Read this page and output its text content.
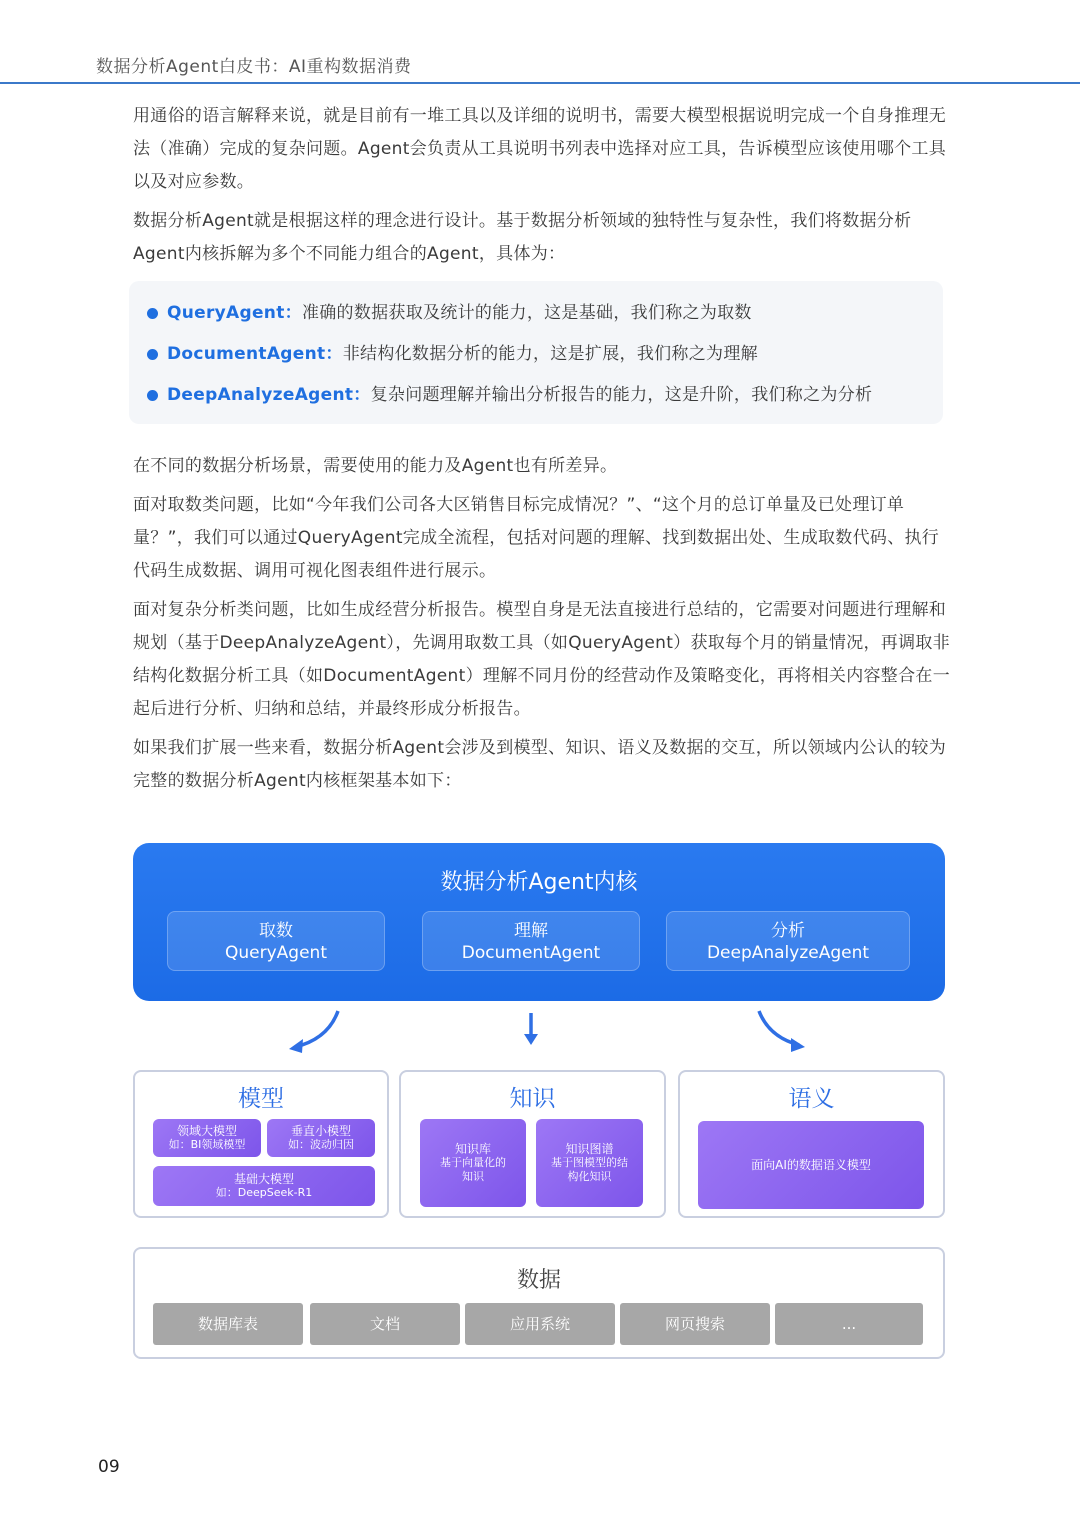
数据分析Agent白皮书：AI重构数据消费

用通俗的语言解释来说，就是目前有一堆工具以及详细的说明书，需要大模型根据说明完成一个自身推理无法（准确）完成的复杂问题。Agent会负责从工具说明书列表中选择对应工具，告诉模型应该使用哪个工具以及对应参数。

数据分析Agent就是根据这样的理念进行设计。基于数据分析领域的独特性与复杂性，我们将数据分析Agent内核拆解为多个不同能力组合的Agent，具体为：

QueryAgent：准确的数据获取及统计的能力，这是基础，我们称之为取数
DocumentAgent：非结构化数据分析的能力，这是扩展，我们称之为理解
DeepAnalyzeAgent：复杂问题理解并输出分析报告的能力，这是升阶，我们称之为分析

在不同的数据分析场景，需要使用的能力及Agent也有所差异。

面对取数类问题，比如“今年我们公司各大区销售目标完成情况？”、“这个月的总订单量及已处理订单量？”，我们可以通过QueryAgent完成全流程，包括对问题的理解、找到数据出处、生成取数代码、执行代码生成数据、调用可视化图表组件进行展示。

面对复杂分析类问题，比如生成经营分析报告。模型自身是无法直接进行总结的，它需要对问题进行理解和规划（基于DeepAnalyzeAgent），先调用取数工具（如QueryAgent）获取每个月的销量情况，再调取非结构化数据分析工具（如DocumentAgent）理解不同月份的经营动作及策略变化，再将相关内容整合在一起后进行分析、归纳和总结，并最终形成分析报告。

如果我们扩展一些来看，数据分析Agent会涉及到模型、知识、语义及数据的交互，所以领域内公认的较为完整的数据分析Agent内核框架基本如下：

数据分析Agent内核
取数
QueryAgent
理解
DocumentAgent
分析
DeepAnalyzeAgent
模型
领域大模型
如：BI领域模型
垂直小模型
如：波动归因
基础大模型
如：DeepSeek-R1
知识
知识库
基于向量化的
知识
知识图谱
基于图模型的结
构化知识
语义
面向AI的数据语义模型
数据
数据库表	文档	应用系统	网页搜索	...
09
